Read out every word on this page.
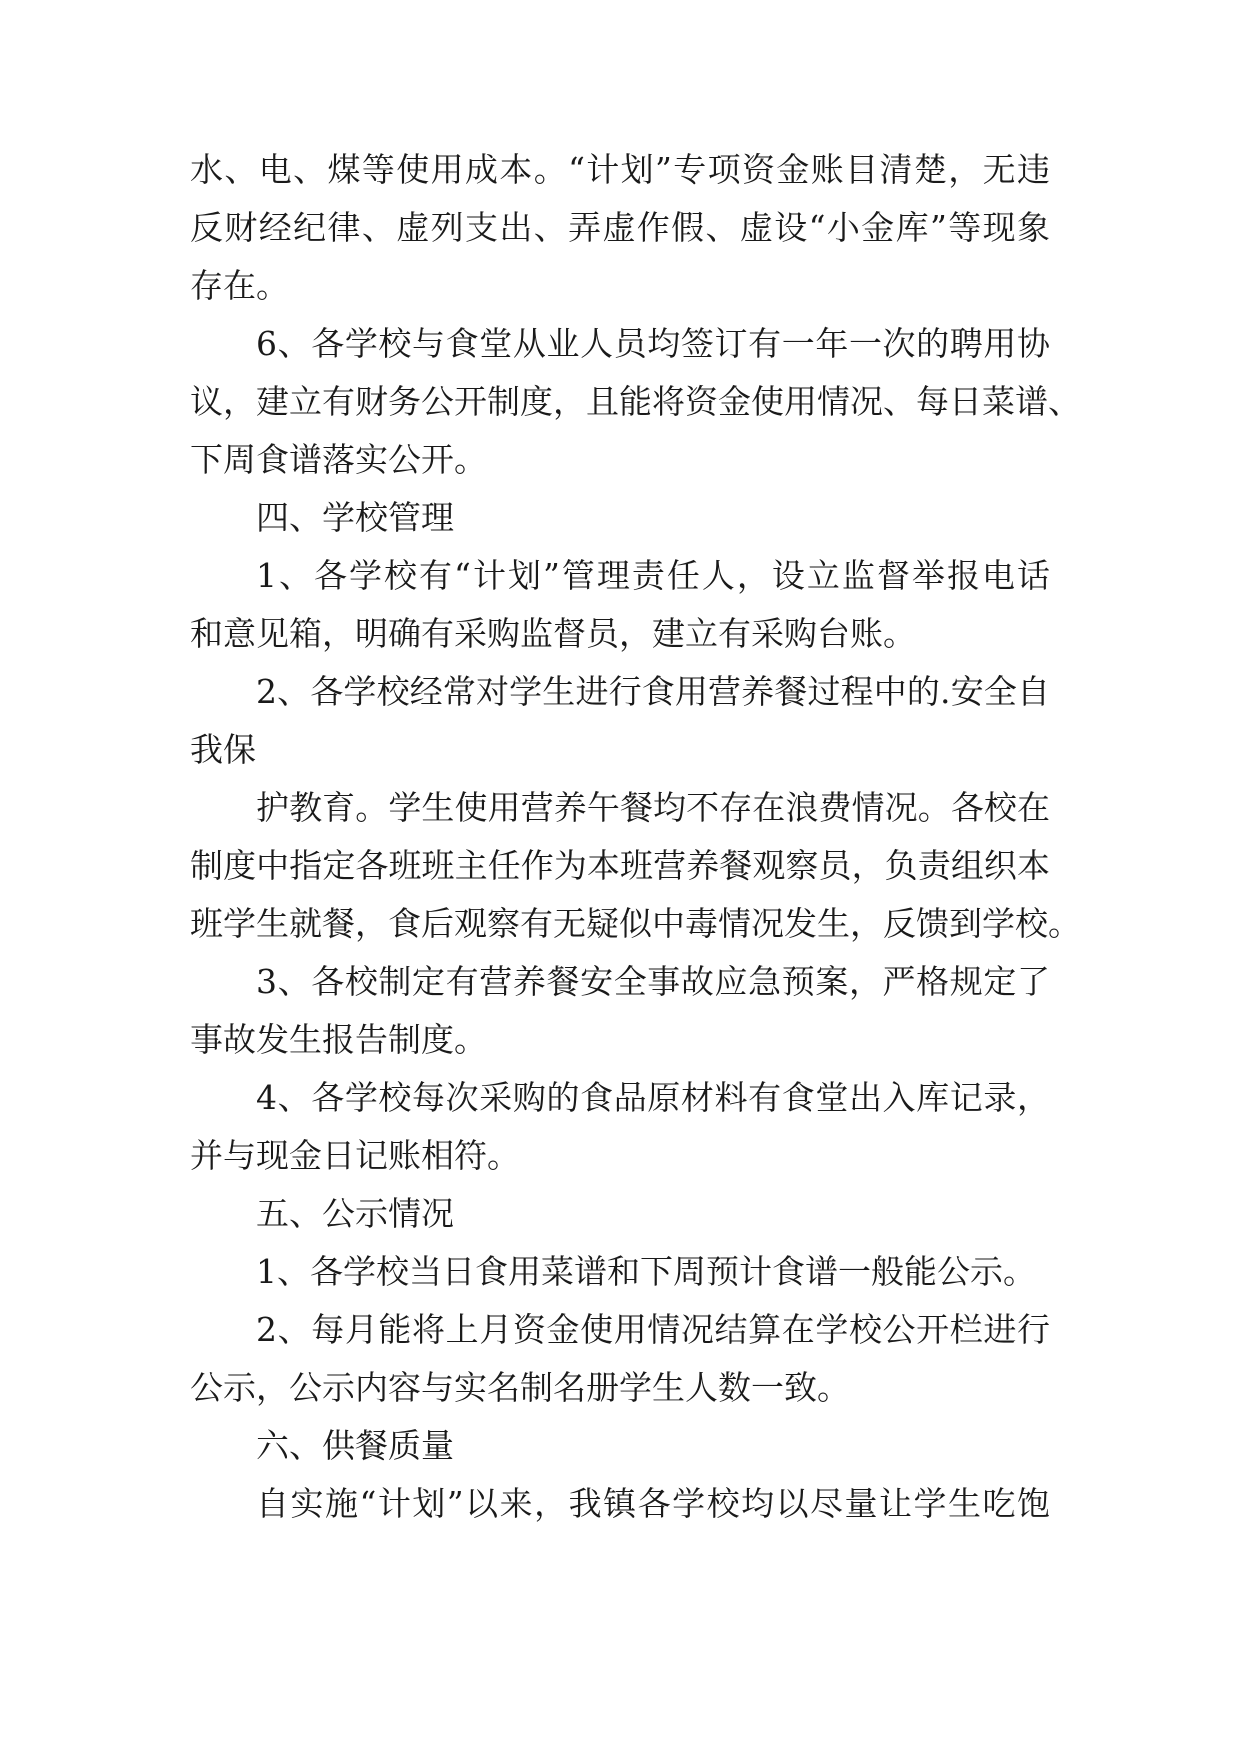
水、电、煤等使用成本。“计划”专项资金账目清楚，无违
反财经纪律、虚列支出、弄虚作假、虚设“小金库”等现象
存在。
6、各学校与食堂从业人员均签订有一年一次的聘用协
议，建立有财务公开制度，且能将资金使用情况、每日菜谱、
下周食谱落实公开。
四、学校管理
1、各学校有“计划”管理责任人，设立监督举报电话
和意见箱，明确有采购监督员，建立有采购台账。
2、各学校经常对学生进行食用营养餐过程中的.安全自
我保
护教育。学生使用营养午餐均不存在浪费情况。各校在
制度中指定各班班主任作为本班营养餐观察员，负责组织本
班学生就餐，食后观察有无疑似中毒情况发生，反馈到学校。
3、各校制定有营养餐安全事故应急预案，严格规定了
事故发生报告制度。
4、各学校每次采购的食品原材料有食堂出入库记录，
并与现金日记账相符。
五、公示情况
1、各学校当日食用菜谱和下周预计食谱一般能公示。
2、每月能将上月资金使用情况结算在学校公开栏进行
公示，公示内容与实名制名册学生人数一致。
六、供餐质量
自实施“计划”以来，我镇各学校均以尽量让学生吃饱
